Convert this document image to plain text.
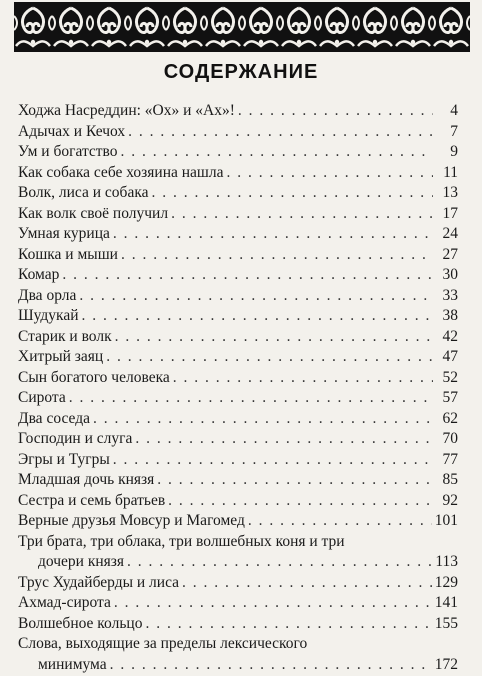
СОДЕРЖАНИЕ
Ходжа Насреддин: «Ох» и «Ах»! . . .	4
Адычах и Кечох . . .	7
Ум и богатство . . .	9
Как собака себе хозяина нашла . . .	11
Волк, лиса и собака . . .	13
Как волк своё получил . . .	17
Умная курица . . .	24
Кошка и мыши . . .	27
Комар . . .	30
Два орла . . .	33
Шудукай . . .	38
Старик и волк . . .	42
Хитрый заяц . . .	47
Сын богатого человека . . .	52
Сирота . . .	57
Два соседа . . .	62
Господин и слуга . . .	70
Эгры и Тугры . . .	77
Младшая дочь князя . . .	85
Сестра и семь братьев . . .	92
Верные друзья Мовсур и Магомед . . .	101
Три брата, три облака, три волшебных коня и три
дочери князя . . .	113
Трус Худайберды и лиса . . .	129
Ахмад-сирота . . .	141
Волшебное кольцо . . .	155
Слова, выходящие за пределы лексического
минимума . . .	172
